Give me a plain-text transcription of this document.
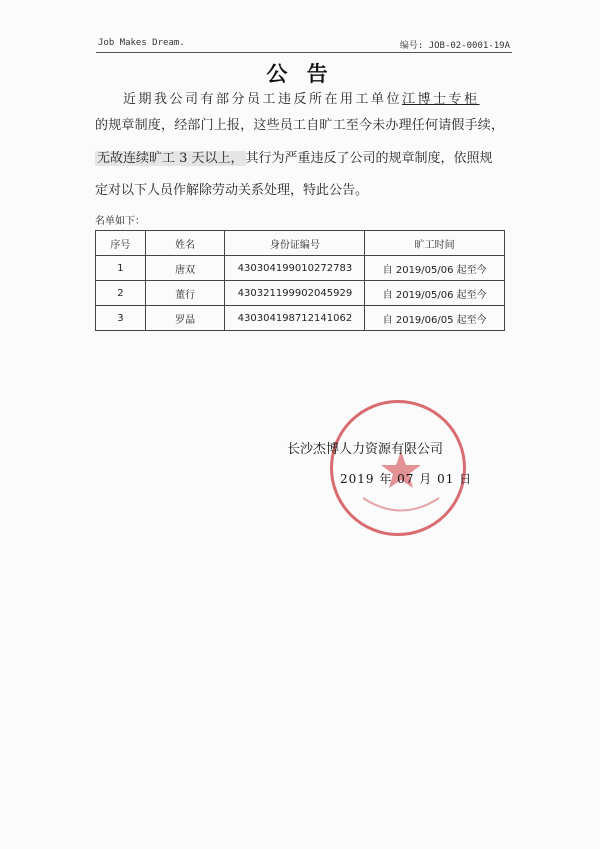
Job Makes Dream.	编号: JOB-02-0001-19A
公 告
近期我公司有部分员工违反所在用工单位江博士专柜
的规章制度，经部门上报，这些员工自旷工至今未办理任何请假手续，
无故连续旷工 3 天以上， 其行为严重违反了公司的规章制度，依照规
定对以下人员作解除劳动关系处理，特此公告。
名单如下：
序号	姓名	身份证编号	旷工时间
1	唐双	430304199010272783	自 2019/05/06 起至今
2	董行	430321199902045929	自 2019/05/06 起至今
3	罗晶	430304198712141062	自 2019/06/05 起至今
长沙杰博人力资源有限公司
2019 年 07 月 01 日
